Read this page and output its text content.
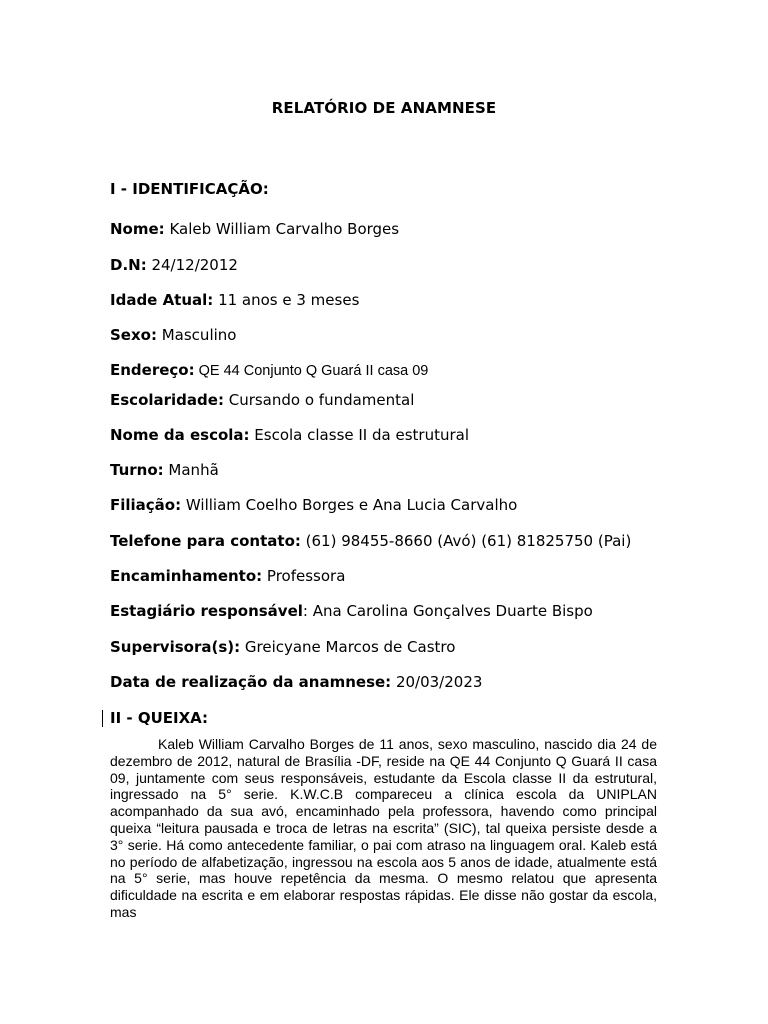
RELATÓRIO DE ANAMNESE
I - IDENTIFICAÇÃO:
Nome: Kaleb William Carvalho Borges
D.N: 24/12/2012
Idade Atual: 11 anos e 3 meses
Sexo: Masculino
Endereço: QE 44 Conjunto Q Guará II casa 09
Escolaridade: Cursando o fundamental
Nome da escola: Escola classe II da estrutural
Turno: Manhã
Filiação: William Coelho Borges e Ana Lucia Carvalho
Telefone para contato: (61) 98455-8660 (Avó) (61) 81825750 (Pai)
Encaminhamento: Professora
Estagiário responsável: Ana Carolina Gonçalves Duarte Bispo
Supervisora(s): Greicyane Marcos de Castro
Data de realização da anamnese: 20/03/2023
II - QUEIXA:

Kaleb William Carvalho Borges de 11 anos, sexo masculino, nascido dia 24 de dezembro de 2012, natural de Brasília -DF, reside na QE 44 Conjunto Q Guará II casa 09, juntamente com seus responsáveis, estudante da Escola classe II da estrutural, ingressado na 5° serie. K.W.C.B compareceu a clínica escola da UNIPLAN acompanhado da sua avó, encaminhado pela professora, havendo como principal queixa “leitura pausada e troca de letras na escrita” (SIC), tal queixa persiste desde a 3° serie. Há como antecedente familiar, o pai com atraso na linguagem oral. Kaleb está no período de alfabetização, ingressou na escola aos 5 anos de idade, atualmente está na 5° serie, mas houve repetência da mesma. O mesmo relatou que apresenta dificuldade na escrita e em elaborar respostas rápidas. Ele disse não gostar da escola, mas
